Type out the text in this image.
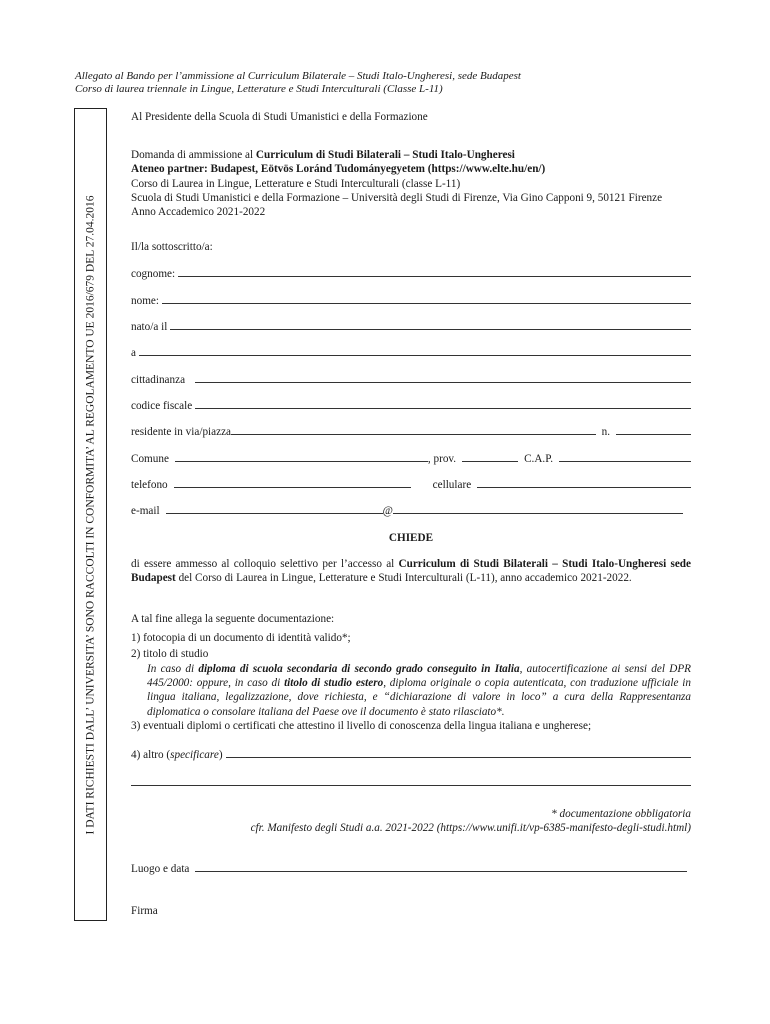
Allegato al Bando per l’ammissione al Curriculum Bilaterale – Studi Italo-Ungheresi, sede Budapest
Corso di laurea triennale in Lingue, Letterature e Studi Interculturali (Classe L-11)
I DATI RICHIESTI DALL’ UNIVERSITA’ SONO RACCOLTI IN CONFORMITA’ AL REGOLAMENTO UE 2016/679 DEL 27.04.2016
Al Presidente della Scuola di Studi Umanistici e della Formazione
Domanda di ammissione al Curriculum di Studi Bilaterali – Studi Italo-Ungheresi
Ateneo partner: Budapest, Eötvös Loránd Tudományegyetem (https://www.elte.hu/en/)
Corso di Laurea in Lingue, Letterature e Studi Interculturali (classe L-11)
Scuola di Studi Umanistici e della Formazione – Università degli Studi di Firenze, Via Gino Capponi 9, 50121 Firenze
Anno Accademico 2021-2022
Il/la sottoscritto/a:
cognome:
nome:
nato/a il
a
cittadinanza
codice fiscale
residente in via/piazza	n.
Comune	, prov.	C.A.P.
telefono	cellulare
e-mail	@
CHIEDE
di essere ammesso al colloquio selettivo per l’accesso al Curriculum di Studi Bilaterali – Studi Italo-Ungheresi sede Budapest del Corso di Laurea in Lingue, Letterature e Studi Interculturali (L-11), anno accademico 2021-2022.
A tal fine allega la seguente documentazione:
1) fotocopia di un documento di identità valido*;
2) titolo di studio
In caso di diploma di scuola secondaria di secondo grado conseguito in Italia, autocertificazione ai sensi del DPR 445/2000: oppure, in caso di titolo di studio estero, diploma originale o copia autenticata, con traduzione ufficiale in lingua italiana, legalizzazione, dove richiesta, e “dichiarazione di valore in loco” a cura della Rappresentanza diplomatica o consolare italiana del Paese ove il documento è stato rilasciato*.
3) eventuali diplomi o certificati che attestino il livello di conoscenza della lingua italiana e ungherese;
4) altro (specificare)
* documentazione obbligatoria
cfr. Manifesto degli Studi a.a. 2021-2022 (https://www.unifi.it/vp-6385-manifesto-degli-studi.html)
Luogo e data
Firma
